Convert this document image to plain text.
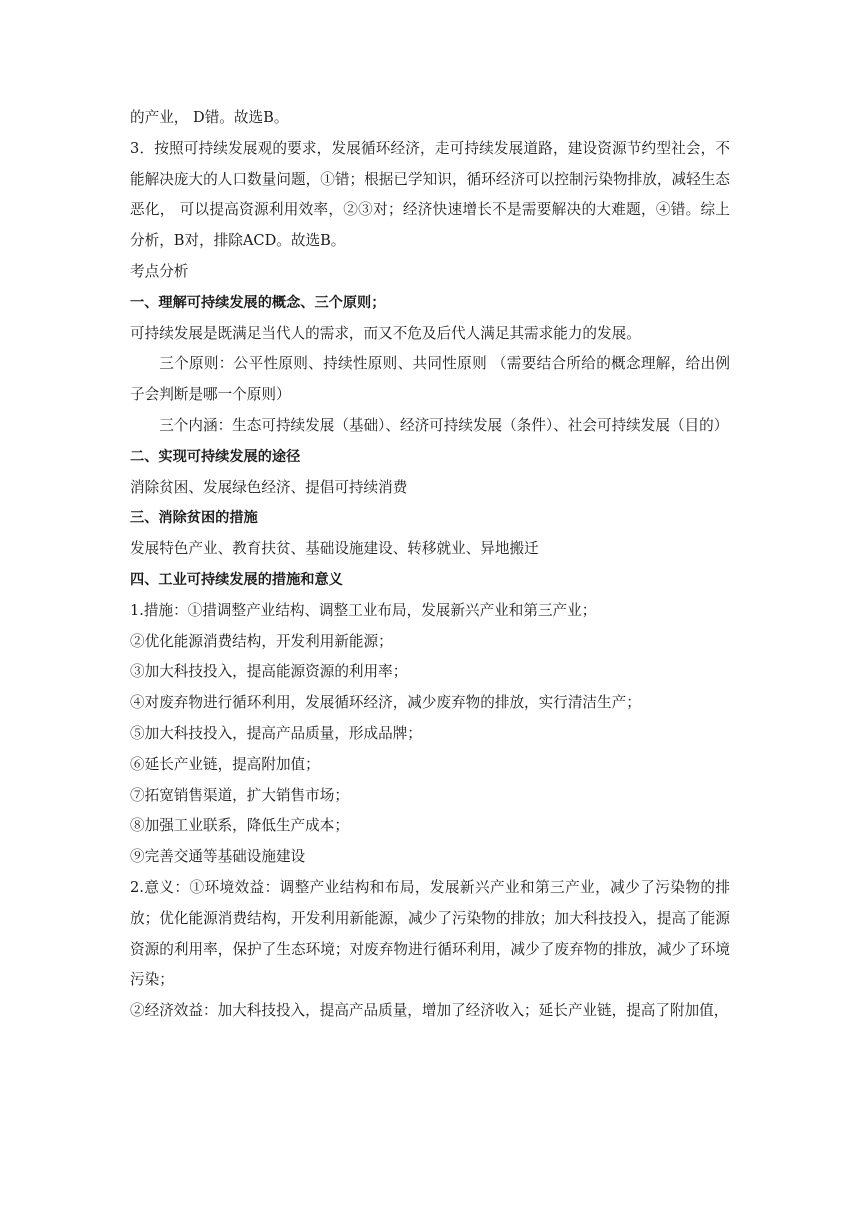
的产业， D错。故选B。

3．按照可持续发展观的要求，发展循环经济，走可持续发展道路，建设资源节约型社会，不能解决庞大的人口数量问题，①错；根据已学知识，循环经济可以控制污染物排放，减轻生态恶化， 可以提高资源利用效率，②③对；经济快速增长不是需要解决的大难题，④错。综上分析，B对，排除ACD。故选B。

考点分析

一、理解可持续发展的概念、三个原则；

可持续发展是既满足当代人的需求，而又不危及后代人满足其需求能力的发展。

三个原则：公平性原则、持续性原则、共同性原则 （需要结合所给的概念理解，给出例子会判断是哪一个原则）

三个内涵：生态可持续发展（基础）、经济可持续发展（条件）、社会可持续发展（目的）

二、实现可持续发展的途径

消除贫困、发展绿色经济、提倡可持续消费

三、消除贫困的措施

发展特色产业、教育扶贫、基础设施建设、转移就业、异地搬迁

四、工业可持续发展的措施和意义

1.措施：①措调整产业结构、调整工业布局，发展新兴产业和第三产业；

②优化能源消费结构，开发利用新能源；

③加大科技投入，提高能源资源的利用率；

④对废弃物进行循环利用，发展循环经济，减少废弃物的排放，实行清洁生产；

⑤加大科技投入，提高产品质量，形成品牌；

⑥延长产业链，提高附加值；

⑦拓宽销售渠道，扩大销售市场；

⑧加强工业联系，降低生产成本；

⑨完善交通等基础设施建设

2.意义：①环境效益：调整产业结构和布局，发展新兴产业和第三产业，减少了污染物的排放；优化能源消费结构，开发利用新能源，减少了污染物的排放；加大科技投入，提高了能源资源的利用率，保护了生态环境；对废弃物进行循环利用，减少了废弃物的排放，减少了环境污染；

②经济效益：加大科技投入，提高产品质量，增加了经济收入；延长产业链，提高了附加值，
